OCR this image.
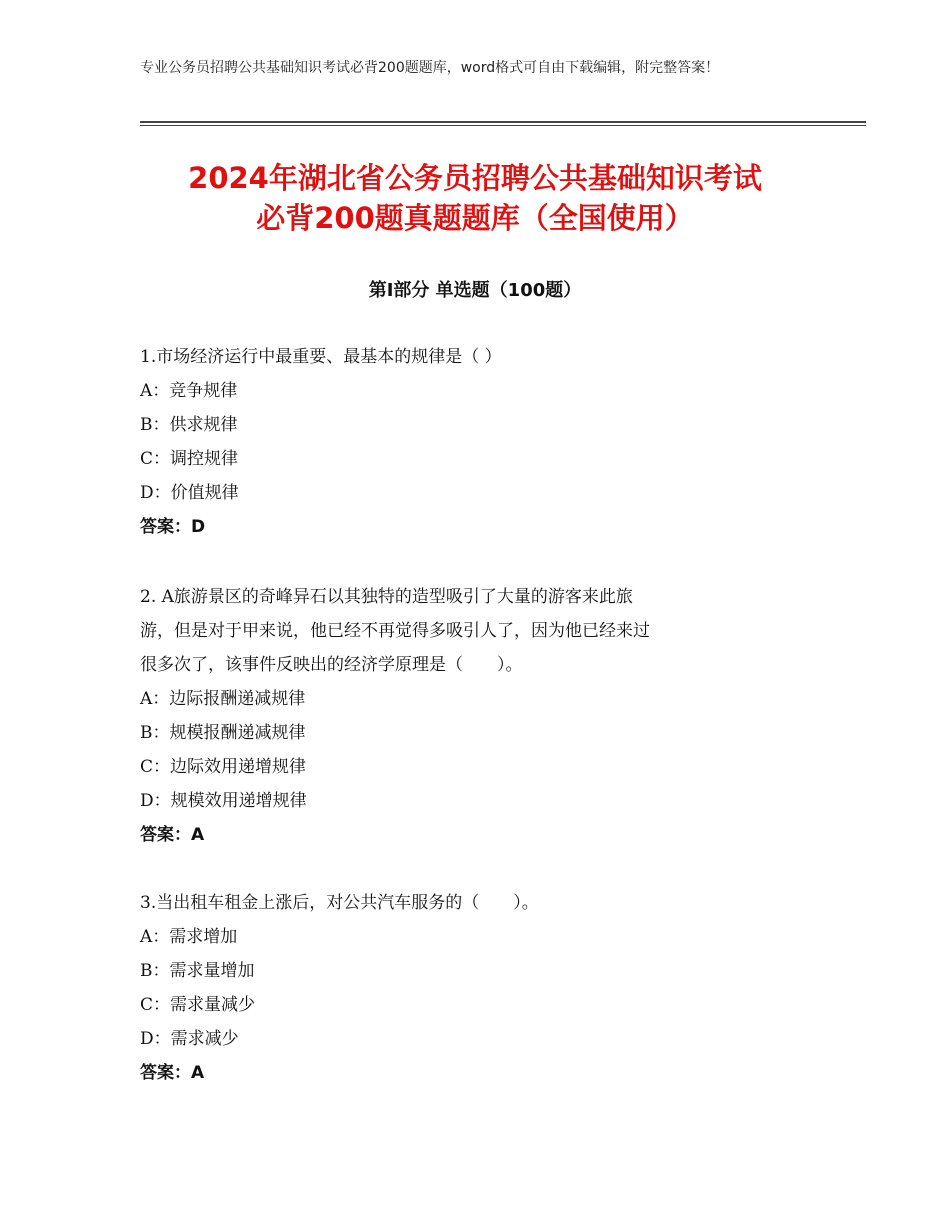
专业公务员招聘公共基础知识考试必背200题题库，word格式可自由下载编辑，附完整答案！
2024年湖北省公务员招聘公共基础知识考试
必背200题真题题库（全国使用）
第Ⅰ部分 单选题（100题）
1.市场经济运行中最重要、最基本的规律是（ ）
A：竞争规律
B：供求规律
C：调控规律
D：价值规律
答案：D
2. A旅游景区的奇峰异石以其独特的造型吸引了大量的游客来此旅
游，但是对于甲来说，他已经不再觉得多吸引人了，因为他已经来过
很多次了，该事件反映出的经济学原理是（　　）。
A：边际报酬递减规律
B：规模报酬递减规律
C：边际效用递增规律
D：规模效用递增规律
答案：A
3.当出租车租金上涨后，对公共汽车服务的（　　）。
A：需求增加
B：需求量增加
C：需求量减少
D：需求减少
答案：A
